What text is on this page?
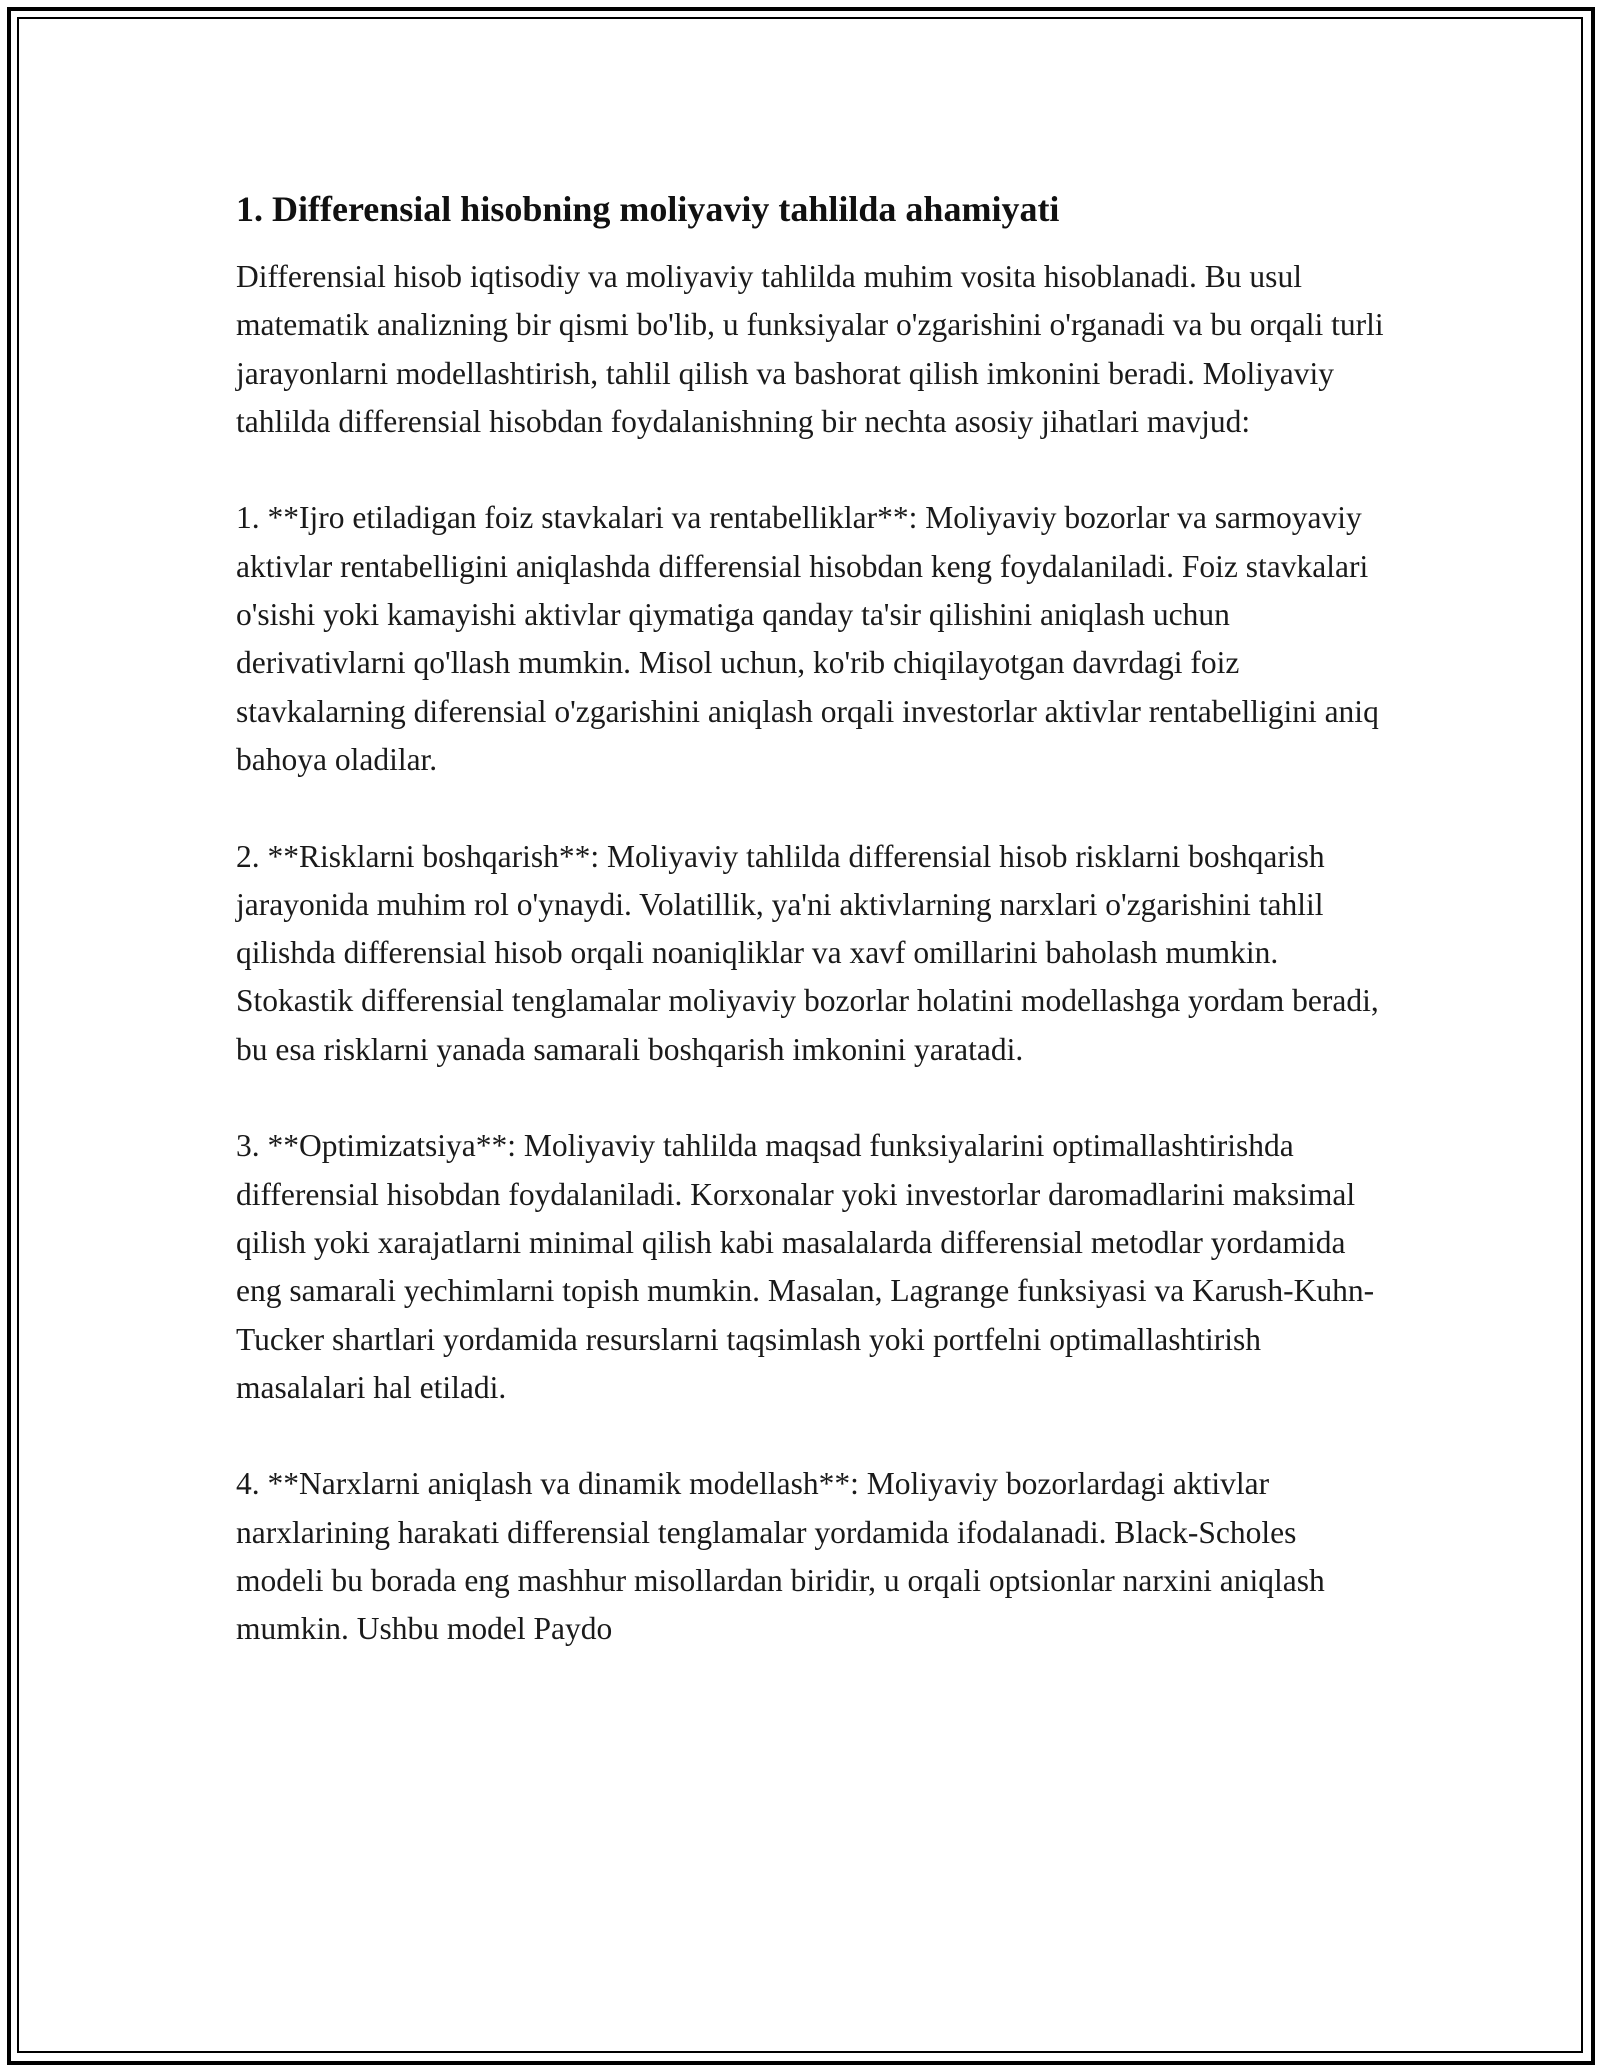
1. Differensial hisobning moliyaviy tahlilda ahamiyati

Differensial hisob iqtisodiy va moliyaviy tahlilda muhim vosita hisoblanadi. Bu usul matematik analizning bir qismi bo'lib, u funksiyalar o'zgarishini o'rganadi va bu orqali turli jarayonlarni modellashtirish, tahlil qilish va bashorat qilish imkonini beradi. Moliyaviy tahlilda differensial hisobdan foydalanishning bir nechta asosiy jihatlari mavjud:

1. **Ijro etiladigan foiz stavkalari va rentabelliklar**: Moliyaviy bozorlar va sarmoyaviy aktivlar rentabelligini aniqlashda differensial hisobdan keng foydalaniladi. Foiz stavkalari o'sishi yoki kamayishi aktivlar qiymatiga qanday ta'sir qilishini aniqlash uchun derivativlarni qo'llash mumkin. Misol uchun, ko'rib chiqilayotgan davrdagi foiz stavkalarning diferensial o'zgarishini aniqlash orqali investorlar aktivlar rentabelligini aniq bahoya oladilar.

2. **Risklarni boshqarish**: Moliyaviy tahlilda differensial hisob risklarni boshqarish jarayonida muhim rol o'ynaydi. Volatillik, ya'ni aktivlarning narxlari o'zgarishini tahlil qilishda differensial hisob orqali noaniqliklar va xavf omillarini baholash mumkin. Stokastik differensial tenglamalar moliyaviy bozorlar holatini modellashga yordam beradi, bu esa risklarni yanada samarali boshqarish imkonini yaratadi.

3. **Optimizatsiya**: Moliyaviy tahlilda maqsad funksiyalarini optimallashtirishda differensial hisobdan foydalaniladi. Korxonalar yoki investorlar daromadlarini maksimal qilish yoki xarajatlarni minimal qilish kabi masalalarda differensial metodlar yordamida eng samarali yechimlarni topish mumkin. Masalan, Lagrange funksiyasi va Karush-Kuhn-Tucker shartlari yordamida resurslarni taqsimlash yoki portfelni optimallashtirish masalalari hal etiladi.

4. **Narxlarni aniqlash va dinamik modellash**: Moliyaviy bozorlardagi aktivlar narxlarining harakati differensial tenglamalar yordamida ifodalanadi. Black-Scholes modeli bu borada eng mashhur misollardan biridir, u orqali optsionlar narxini aniqlash mumkin. Ushbu model Paydo
